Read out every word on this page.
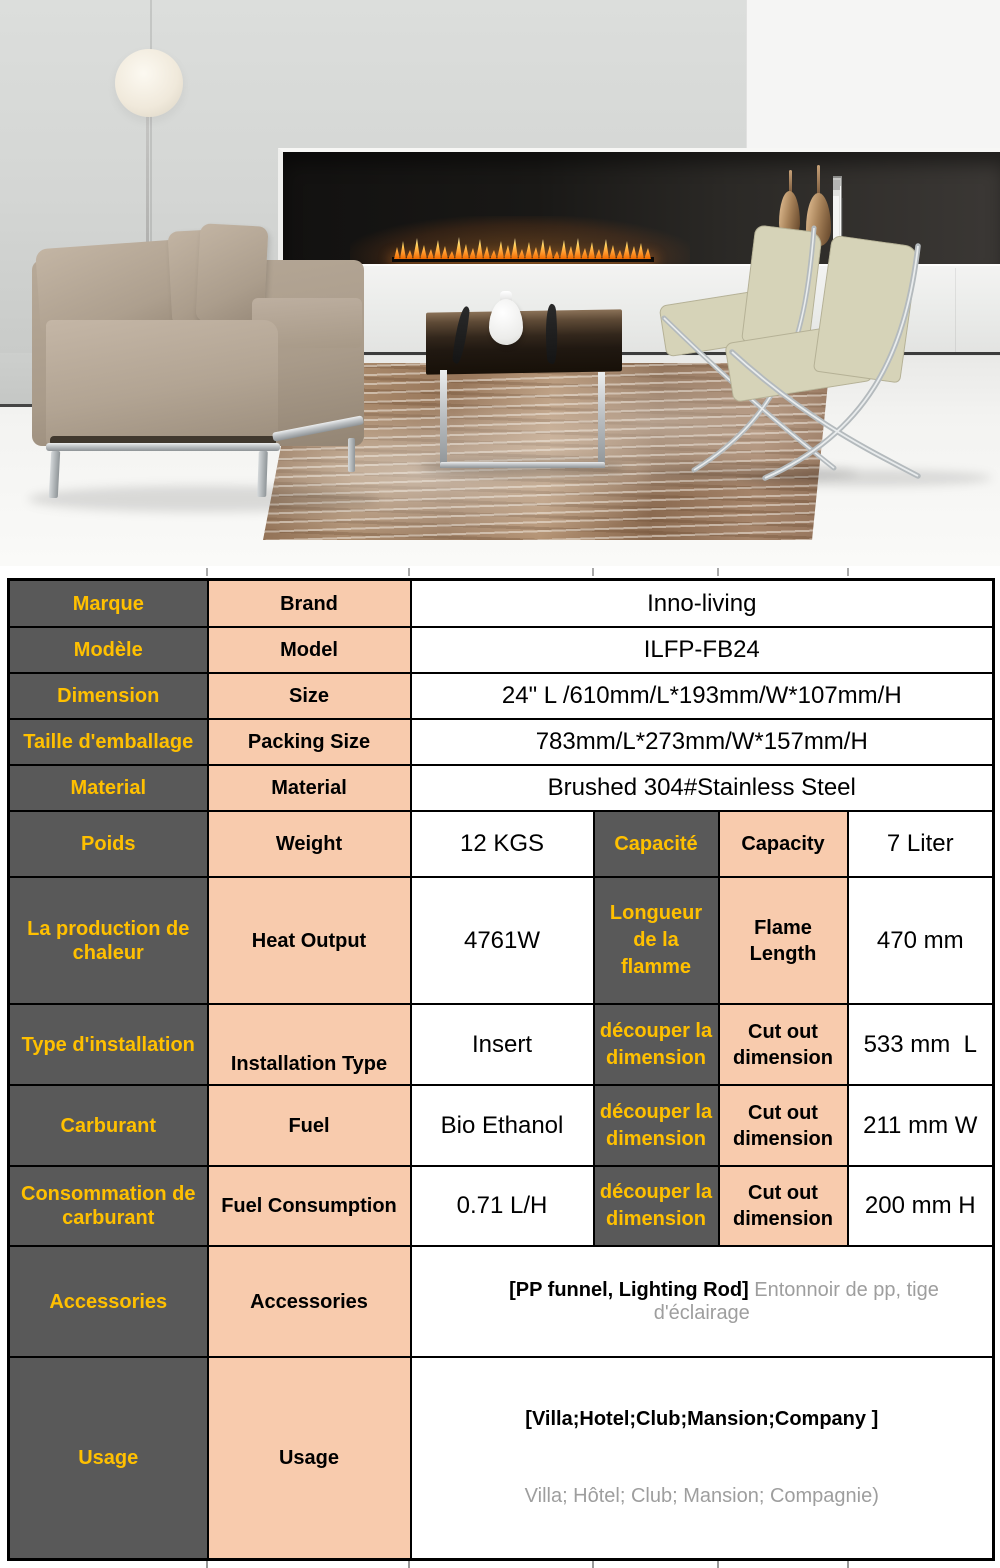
Marque	Brand	Inno-living			
Modèle	Model	ILFP-FB24			
Dimension	Size	24" L /610mm/L*193mm/W*107mm/H			
Taille d'emballage	Packing Size	783mm/L*273mm/W*157mm/H			
Material	Material	Brushed 304#Stainless Steel			
Poids	Weight	12 KGS	Capacité	Capacity	7 Liter
La production de chaleur	Heat Output	4761W	Longueur de la flamme	Flame Length	470 mm
Type d'installation	Installation Type	Insert	découper la dimension	Cut out dimension	533 mm  L
Carburant	Fuel	Bio Ethanol	découper la dimension	Cut out dimension	211 mm W
Consommation de carburant	Fuel Consumption	0.71 L/H	découper la dimension	Cut out dimension	200 mm H
Accessories	Accessories	[PP funnel, Lighting Rod] Entonnoir de pp, tige d'éclairage			

Usage	Usage	[Villa;Hotel;Club;Mansion;Company ]

Villa; Hôtel; Club; Mansion; Compagnie)			
